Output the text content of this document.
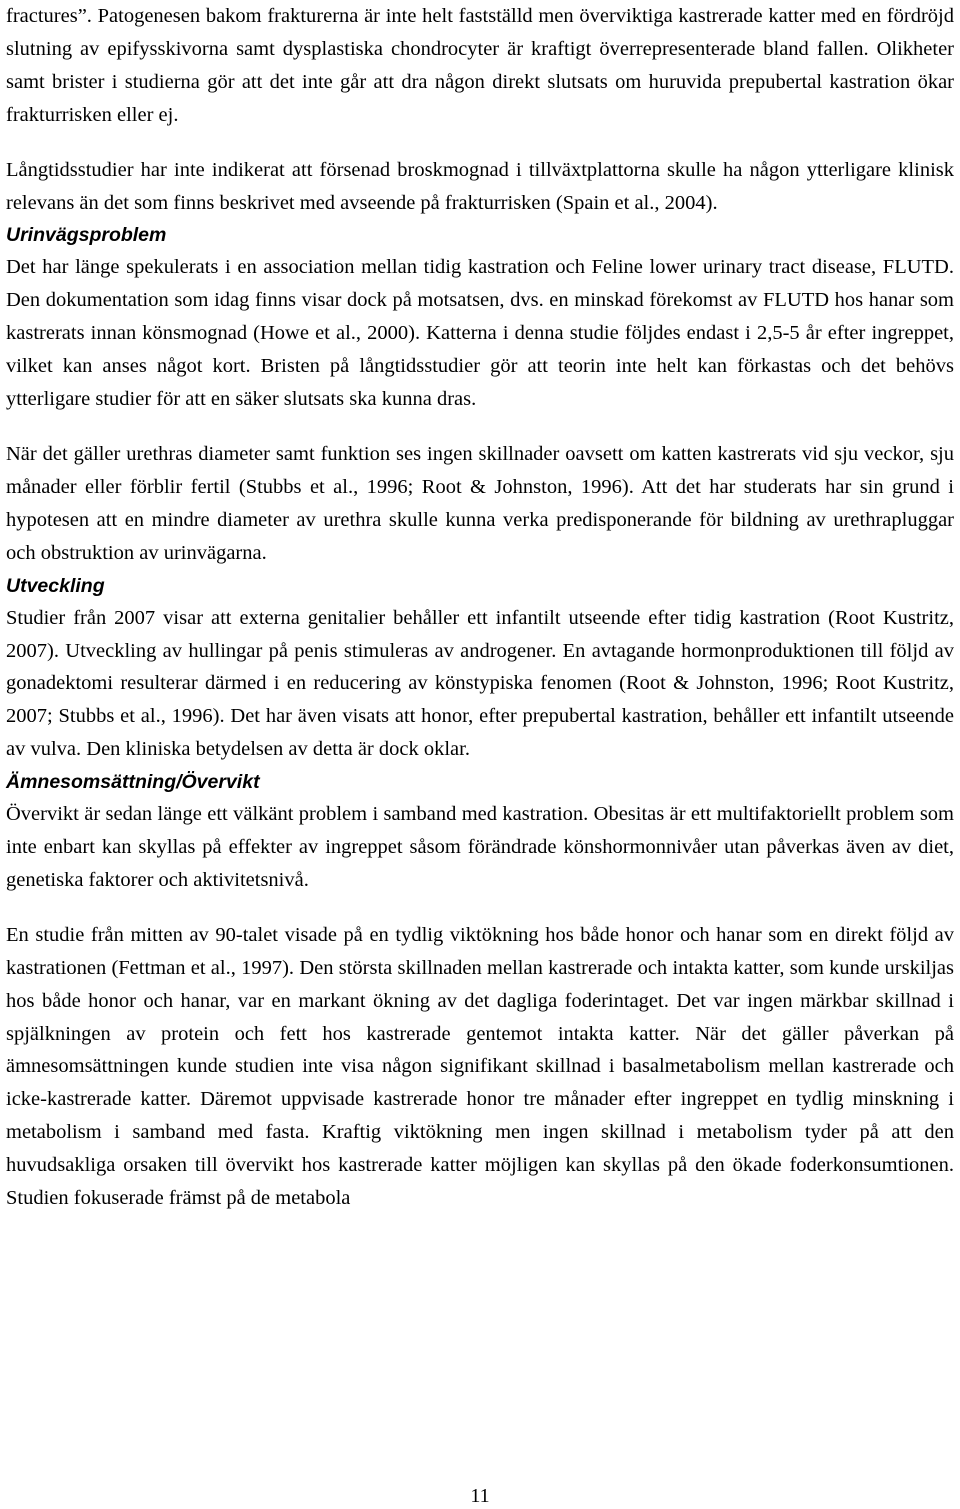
fractures”. Patogenesen bakom frakturerna är inte helt fastställd men överviktiga kastrerade katter med en fördröjd slutning av epifysskivorna samt dysplastiska chondrocyter är kraftigt överrepresenterade bland fallen. Olikheter samt brister i studierna gör att det inte går att dra någon direkt slutsats om huruvida prepubertal kastration ökar frakturrisken eller ej.

Långtidsstudier har inte indikerat att försenad broskmognad i tillväxtplattorna skulle ha någon ytterligare klinisk relevans än det som finns beskrivet med avseende på frakturrisken (Spain et al., 2004).

Urinvägsproblem

Det har länge spekulerats i en association mellan tidig kastration och Feline lower urinary tract disease, FLUTD. Den dokumentation som idag finns visar dock på motsatsen, dvs. en minskad förekomst av FLUTD hos hanar som kastrerats innan könsmognad (Howe et al., 2000). Katterna i denna studie följdes endast i 2,5-5 år efter ingreppet, vilket kan anses något kort. Bristen på långtidsstudier gör att teorin inte helt kan förkastas och det behövs ytterligare studier för att en säker slutsats ska kunna dras.

När det gäller urethras diameter samt funktion ses ingen skillnader oavsett om katten kastrerats vid sju veckor, sju månader eller förblir fertil (Stubbs et al., 1996; Root & Johnston, 1996). Att det har studerats har sin grund i hypotesen att en mindre diameter av urethra skulle kunna verka predisponerande för bildning av urethrapluggar och obstruktion av urinvägarna.

Utveckling

Studier från 2007 visar att externa genitalier behåller ett infantilt utseende efter tidig kastration (Root Kustritz, 2007). Utveckling av hullingar på penis stimuleras av androgener. En avtagande hormonproduktionen till följd av gonadektomi resulterar därmed i en reducering av könstypiska fenomen (Root & Johnston, 1996; Root Kustritz, 2007; Stubbs et al., 1996). Det har även visats att honor, efter prepubertal kastration, behåller ett infantilt utseende av vulva. Den kliniska betydelsen av detta är dock oklar.

Ämnesomsättning/Övervikt

Övervikt är sedan länge ett välkänt problem i samband med kastration. Obesitas är ett multifaktoriellt problem som inte enbart kan skyllas på effekter av ingreppet såsom förändrade könshormonnivåer utan påverkas även av diet, genetiska faktorer och aktivitetsnivå.

En studie från mitten av 90-talet visade på en tydlig viktökning hos både honor och hanar som en direkt följd av kastrationen (Fettman et al., 1997). Den största skillnaden mellan kastrerade och intakta katter, som kunde urskiljas hos både honor och hanar, var en markant ökning av det dagliga foderintaget. Det var ingen märkbar skillnad i spjälkningen av protein och fett hos kastrerade gentemot intakta katter. När det gäller påverkan på ämnesomsättningen kunde studien inte visa någon signifikant skillnad i basalmetabolism mellan kastrerade och icke-kastrerade katter. Däremot uppvisade kastrerade honor tre månader efter ingreppet en tydlig minskning i metabolism i samband med fasta. Kraftig viktökning men ingen skillnad i metabolism tyder på att den huvudsakliga orsaken till övervikt hos kastrerade katter möjligen kan skyllas på den ökade foderkonsumtionen. Studien fokuserade främst på de metabola

11
